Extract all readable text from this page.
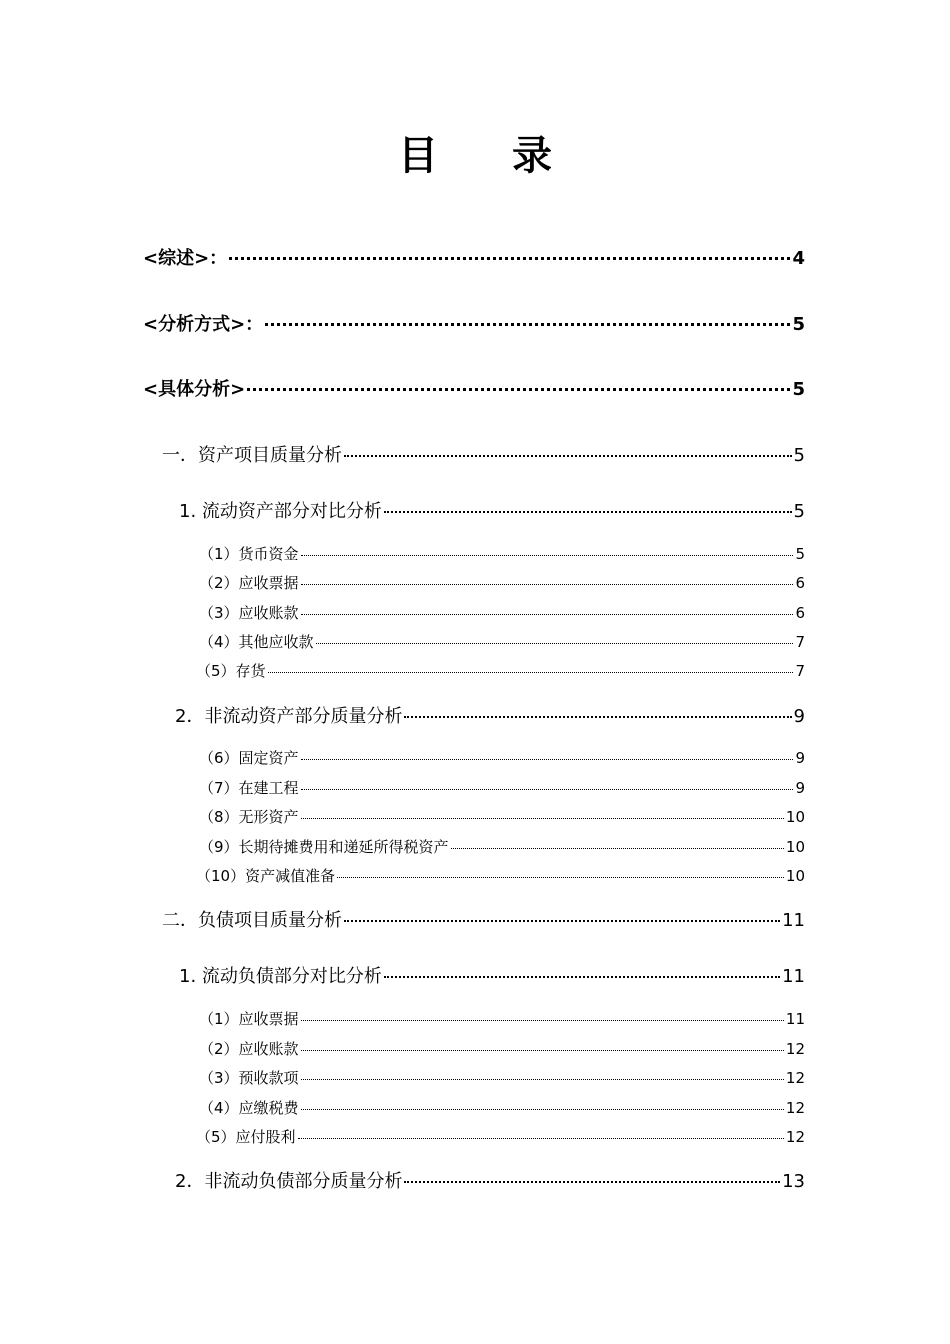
目 录
<综述>：	4
<分析方式>：	5
<具体分析>	5
一．资产项目质量分析	5
1. 流动资产部分对比分析	5
（1）货币资金	5
（2）应收票据	6
（3）应收账款	6
（4）其他应收款	7
（5）存货	7
2．非流动资产部分质量分析	9
（6）固定资产	9
（7）在建工程	9
（8）无形资产	10
（9）长期待摊费用和递延所得税资产	10
（10）资产减值准备	10
二．负债项目质量分析	11
1. 流动负债部分对比分析	11
（1）应收票据	11
（2）应收账款	12
（3）预收款项	12
（4）应缴税费	12
（5）应付股利	12
2．非流动负债部分质量分析	13
